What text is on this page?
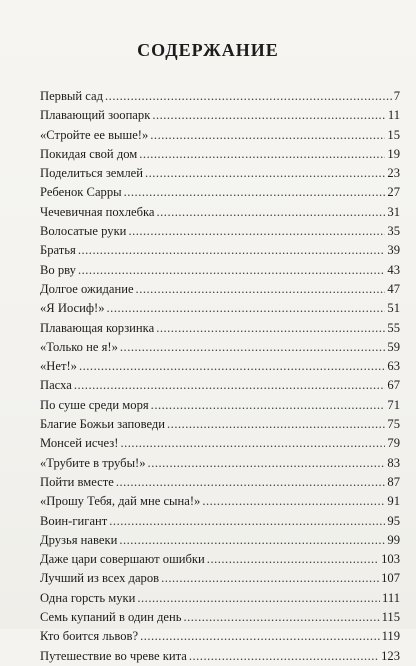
СОДЕРЖАНИЕ
Первый сад .....	7
Плавающий зоопарк .....	11
«Стройте ее выше!» .....	15
Покидая свой дом .....	19
Поделиться землей .....	23
Ребенок Сарры .....	27
Чечевичная похлебка .....	31
Волосатые руки .....	35
Братья .....	39
Во рву .....	43
Долгое ожидание .....	47
«Я Иосиф!» .....	51
Плавающая корзинка .....	55
«Только не я!» .....	59
«Нет!» .....	63
Пасха .....	67
По суше среди моря .....	71
Благие Божьи заповеди .....	75
Монсей исчез! .....	79
«Трубите в трубы!» .....	83
Пойти вместе .....	87
«Прошу Тебя, дай мне сына!» .....	91
Воин-гигант .....	95
Друзья навеки .....	99
Даже цари совершают ошибки .....	103
Лучший из всех даров .....	107
Одна горсть муки .....	111
Семь купаний в один день .....	115
Кто боится львов? .....	119
Путешествие во чреве кита .....	123
